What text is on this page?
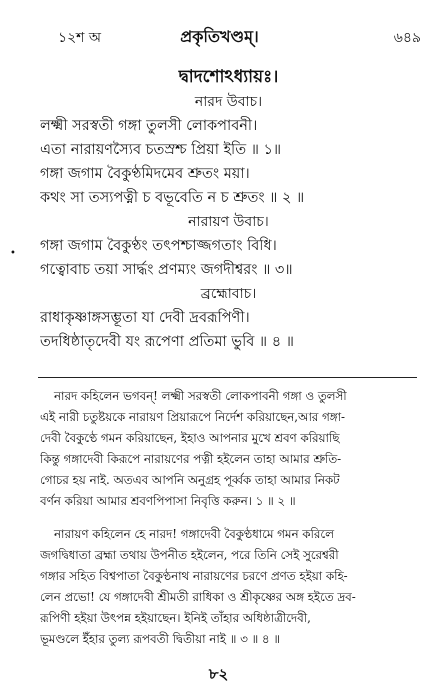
১২শ অ	প্রকৃতিখণ্ডম্।	৬৪৯
দ্বাদশোঽধ্যায়ঃ।
নারদ উবাচ।
লক্ষ্মী সরস্বতী গঙ্গা তুলসী লোকপাবনী।
এতা নারায়ণস্যৈব চতস্রশ্চ প্রিয়া ইতি ॥ ১॥
গঙ্গা জগাম বৈকুণ্ঠমিদমেব শ্রুতং ময়া।
কথং সা তস্যপত্নী চ বভূবেতি ন চ শ্রুতং ॥ ২ ॥
নারায়ণ উবাচ।
গঙ্গা জগাম বৈকুণ্ঠং তৎপশ্চাজ্জগতাং বিধি।
গত্বোবাচ তয়া সার্দ্ধং প্রণম্যং জগদীশ্বরং ॥ ৩॥
ব্রহ্মোবাচ।
রাধাকৃষ্ণাঙ্গসম্ভূতা যা দেবী দ্রবরূপিণী।
তদধিষ্ঠাতৃদেবী যং রূপেণা প্রতিমা ভুবি ॥ ৪ ॥
•
নারদ কহিলেন ভগবন্! লক্ষ্মী সরস্বতী লোকপাবনী গঙ্গা ও তুলসী
এই নারী চতুষ্টয়কে নারায়ণ প্রিয়ারূপে নির্দেশ করিয়াছেন,আর গঙ্গা-
দেবী বৈকুণ্ঠে গমন করিয়াছেন, ইহাও আপনার মুখে শ্রবণ করিয়াছি
কিন্তু গঙ্গাদেবী কিরূপে নারায়ণের পত্নী হইলেন তাহা আমার শ্রুতি-
গোচর হয় নাই. অতএব আপনি অনুগ্রহ পূর্ব্বক তাহা আমার নিকট
বর্ণন করিয়া আমার শ্রবণপিপাসা নিবৃত্তি করুন। ১ ॥ ২ ॥
নারায়ণ কহিলেন হে নারদ! গঙ্গাদেবী বৈকুণ্ঠধামে গমন করিলে
জগদ্বিধাতা ব্রহ্মা তথায় উপনীত হইলেন, পরে তিনি সেই সুরেশ্বরী
গঙ্গার সহিত বিশ্বপাতা বৈকুণ্ঠনাথ নারায়ণের চরণে প্রণত হইয়া কহি-
লেন প্রভো! যে গঙ্গাদেবী শ্রীমতী রাধিকা ও শ্রীকৃষ্ণের অঙ্গ হইতে দ্রব-
রূপিণী হইয়া উৎপন্ন হইয়াছেন। ইনিই তাঁহার অধিষ্ঠাত্রীদেবী,
ভূমণ্ডলে ইঁহার তুল্য রূপবতী দ্বিতীয়া নাই ॥ ৩ ॥ ৪ ॥
৮২
